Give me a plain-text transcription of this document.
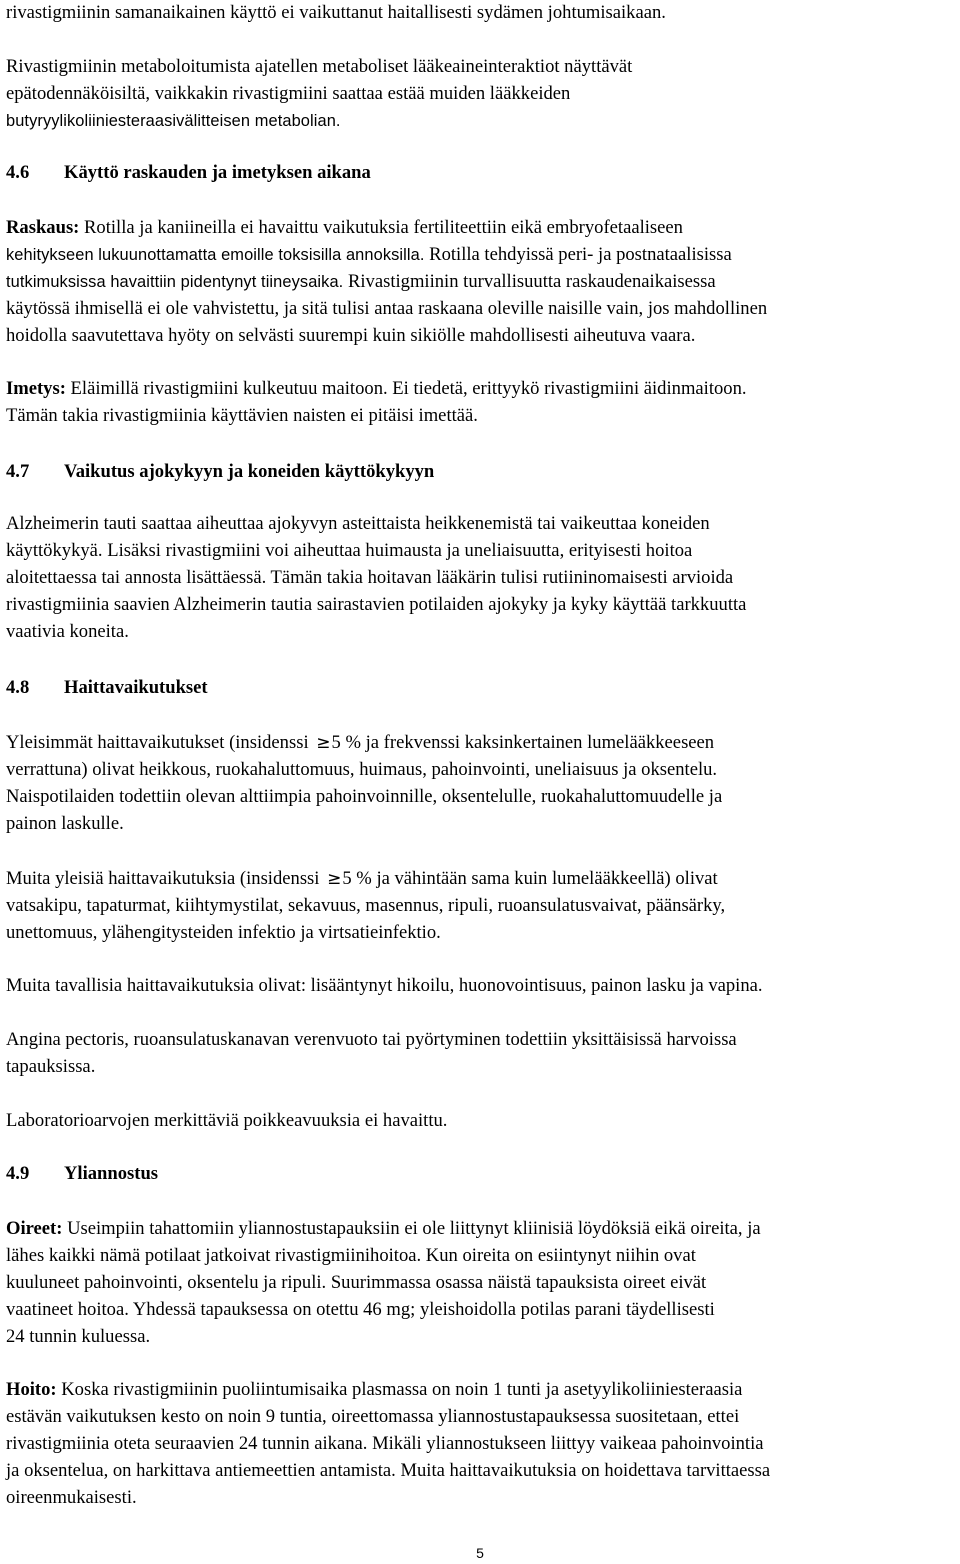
rivastigmiinin samanaikainen käyttö ei vaikuttanut haitallisesti sydämen johtumisaikaan.

Rivastigmiinin metaboloitumista ajatellen metaboliset lääkeaineinteraktiot näyttävät
epätodennäköisiltä, vaikkakin rivastigmiini saattaa estää muiden lääkkeiden
butyryylikoliiniesteraasivälitteisen metabolian.

4.6	Käyttö raskauden ja imetyksen aikana

Raskaus: Rotilla ja kaniineilla ei havaittu vaikutuksia fertiliteettiin eikä embryofetaaliseen
kehitykseen lukuunottamatta emoille toksisilla annoksilla. Rotilla tehdyissä peri- ja postnataalisissa
tutkimuksissa havaittiin pidentynyt tiineysaika. Rivastigmiinin turvallisuutta raskaudenaikaisessa
käytössä ihmisellä ei ole vahvistettu, ja sitä tulisi antaa raskaana oleville naisille vain, jos mahdollinen
hoidolla saavutettava hyöty on selvästi suurempi kuin sikiölle mahdollisesti aiheutuva vaara.

Imetys: Eläimillä rivastigmiini kulkeutuu maitoon. Ei tiedetä, erittyykö rivastigmiini äidinmaitoon.
Tämän takia rivastigmiinia käyttävien naisten ei pitäisi imettää.

4.7	Vaikutus ajokykyyn ja koneiden käyttökykyyn

Alzheimerin tauti saattaa aiheuttaa ajokyvyn asteittaista heikkenemistä tai vaikeuttaa koneiden
käyttökykyä. Lisäksi rivastigmiini voi aiheuttaa huimausta ja uneliaisuutta, erityisesti hoitoa
aloitettaessa tai annosta lisättäessä. Tämän takia hoitavan lääkärin tulisi rutiininomaisesti arvioida
rivastigmiinia saavien Alzheimerin tautia sairastavien potilaiden ajokyky ja kyky käyttää tarkkuutta
vaativia koneita.

4.8	Haittavaikutukset

Yleisimmät haittavaikutukset (insidenssi ≥5 % ja frekvenssi kaksinkertainen lumelääkkeeseen
verrattuna) olivat heikkous, ruokahaluttomuus, huimaus, pahoinvointi, uneliaisuus ja oksentelu.
Naispotilaiden todettiin olevan alttiimpia pahoinvoinnille, oksentelulle, ruokahaluttomuudelle ja
painon laskulle.

Muita yleisiä haittavaikutuksia (insidenssi ≥5 % ja vähintään sama kuin lumelääkkeellä) olivat
vatsakipu, tapaturmat, kiihtymystilat, sekavuus, masennus, ripuli, ruoansulatusvaivat, päänsärky,
unettomuus, ylähengitysteiden infektio ja virtsatieinfektio.

Muita tavallisia haittavaikutuksia olivat: lisääntynyt hikoilu, huonovointisuus, painon lasku ja vapina.

Angina pectoris, ruoansulatuskanavan verenvuoto tai pyörtyminen todettiin yksittäisissä harvoissa
tapauksissa.

Laboratorioarvojen merkittäviä poikkeavuuksia ei havaittu.

4.9	Yliannostus

Oireet: Useimpiin tahattomiin yliannostustapauksiin ei ole liittynyt kliinisiä löydöksiä eikä oireita, ja
lähes kaikki nämä potilaat jatkoivat rivastigmiinihoitoa. Kun oireita on esiintynyt niihin ovat
kuuluneet pahoinvointi, oksentelu ja ripuli. Suurimmassa osassa näistä tapauksista oireet eivät
vaatineet hoitoa. Yhdessä tapauksessa on otettu 46 mg; yleishoidolla potilas parani täydellisesti
24 tunnin kuluessa.

Hoito: Koska rivastigmiinin puoliintumisaika plasmassa on noin 1 tunti ja asetyylikoliiniesteraasia
estävän vaikutuksen kesto on noin 9 tuntia, oireettomassa yliannostustapauksessa suositetaan, ettei
rivastigmiinia oteta seuraavien 24 tunnin aikana. Mikäli yliannostukseen liittyy vaikeaa pahoinvointia
ja oksentelua, on harkittava antiemeettien antamista. Muita haittavaikutuksia on hoidettava tarvittaessa
oireenmukaisesti.

5
